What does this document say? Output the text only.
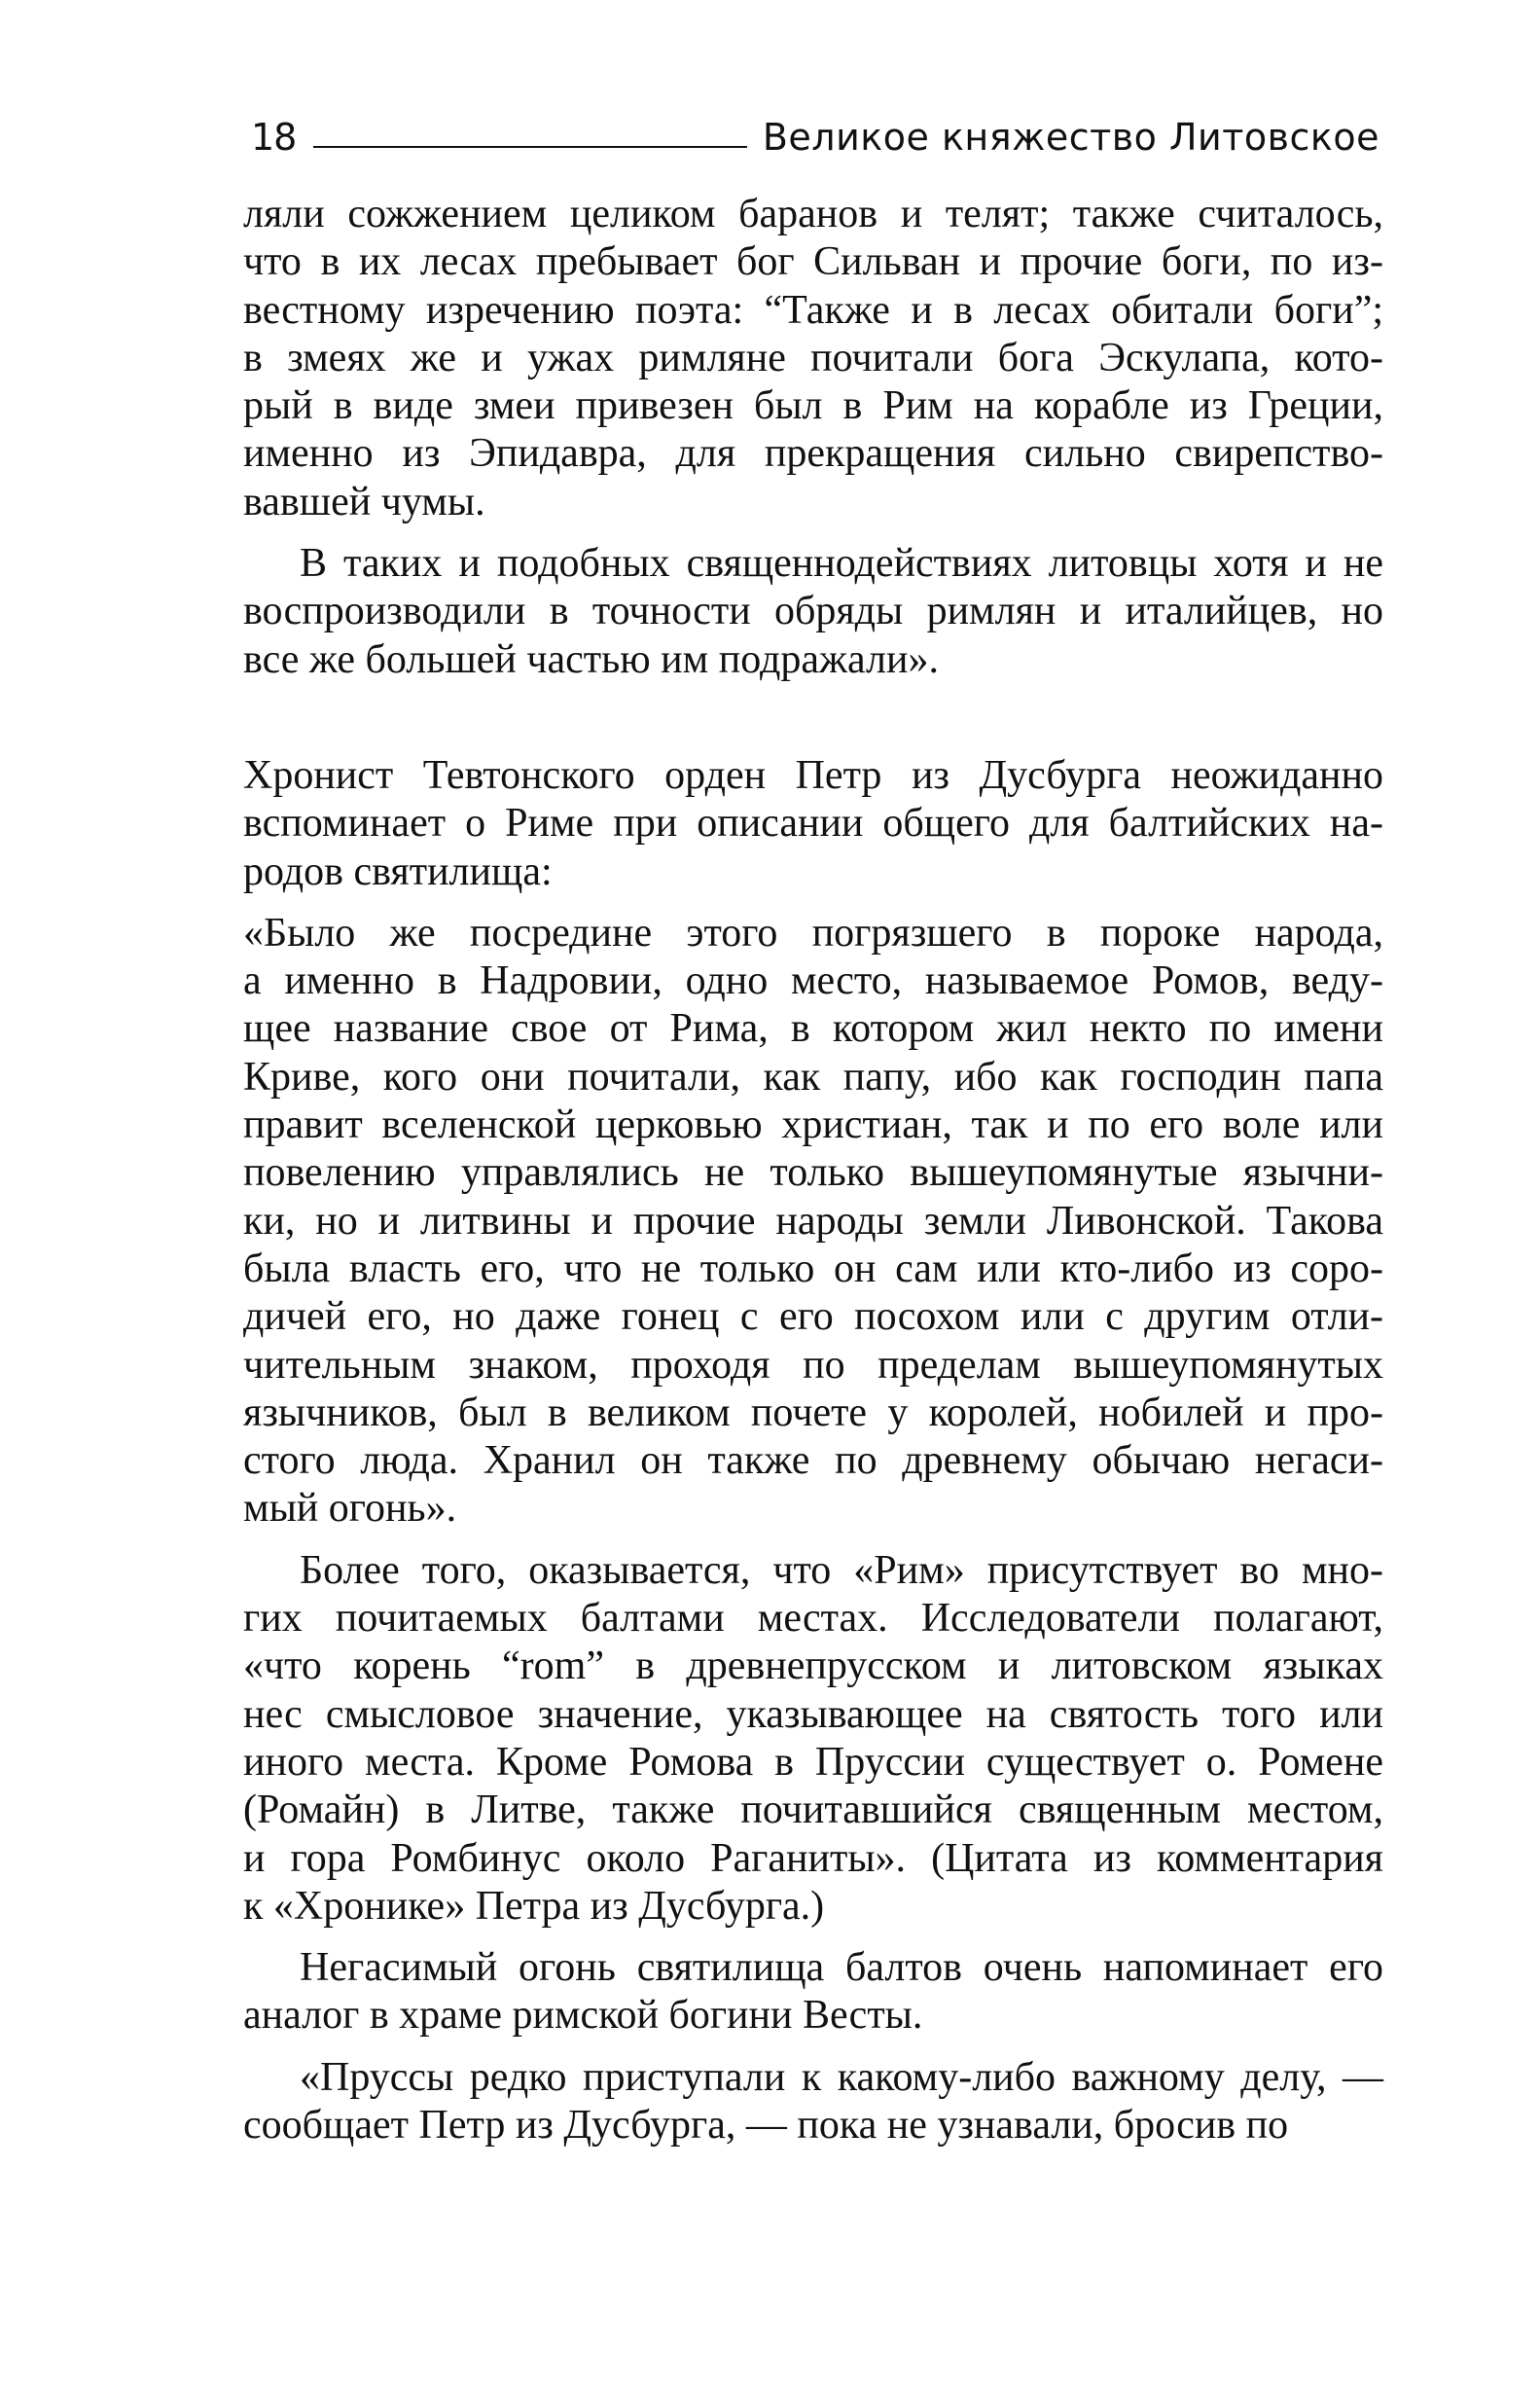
18	Великое княжество Литовское
ляли сожжением целиком баранов и телят; также считалось,
что в их лесах пребывает бог Сильван и прочие боги, по из-
вестному изречению поэта: “Также и в лесах обитали боги”;
в змеях же и ужах римляне почитали бога Эскулапа, кото-
рый в виде змеи привезен был в Рим на корабле из Греции,
именно из Эпидавра, для прекращения сильно свирепство-
вавшей чумы.
В таких и подобных священнодействиях литовцы хотя и не
воспроизводили в точности обряды римлян и италийцев, но
все же большей частью им подражали».
Хронист Тевтонского орден Петр из Дусбурга неожиданно
вспоминает о Риме при описании общего для балтийских на-
родов святилища:
«Было же посредине этого погрязшего в пороке народа,
а именно в Надровии, одно место, называемое Ромов, веду-
щее название свое от Рима, в котором жил некто по имени
Криве, кого они почитали, как папу, ибо как господин папа
правит вселенской церковью христиан, так и по его воле или
повелению управлялись не только вышеупомянутые язычни-
ки, но и литвины и прочие народы земли Ливонской. Такова
была власть его, что не только он сам или кто-либо из соро-
дичей его, но даже гонец с его посохом или с другим отли-
чительным знаком, проходя по пределам вышеупомянутых
язычников, был в великом почете у королей, нобилей и про-
стого люда. Хранил он также по древнему обычаю негаси-
мый огонь».
Более того, оказывается, что «Рим» присутствует во мно-
гих почитаемых балтами местах. Исследователи полагают,
«что корень “rom” в древнепрусском и литовском языках
нес смысловое значение, указывающее на святость того или
иного места. Кроме Ромова в Пруссии существует о. Ромене
(Ромайн) в Литве, также почитавшийся священным местом,
и гора Ромбинус около Раганиты». (Цитата из комментария
к «Хронике» Петра из Дусбурга.)
Негасимый огонь святилища балтов очень напоминает его
аналог в храме римской богини Весты.
«Пруссы редко приступали к какому-либо важному делу, —
сообщает Петр из Дусбурга, — пока не узнавали, бросив по
